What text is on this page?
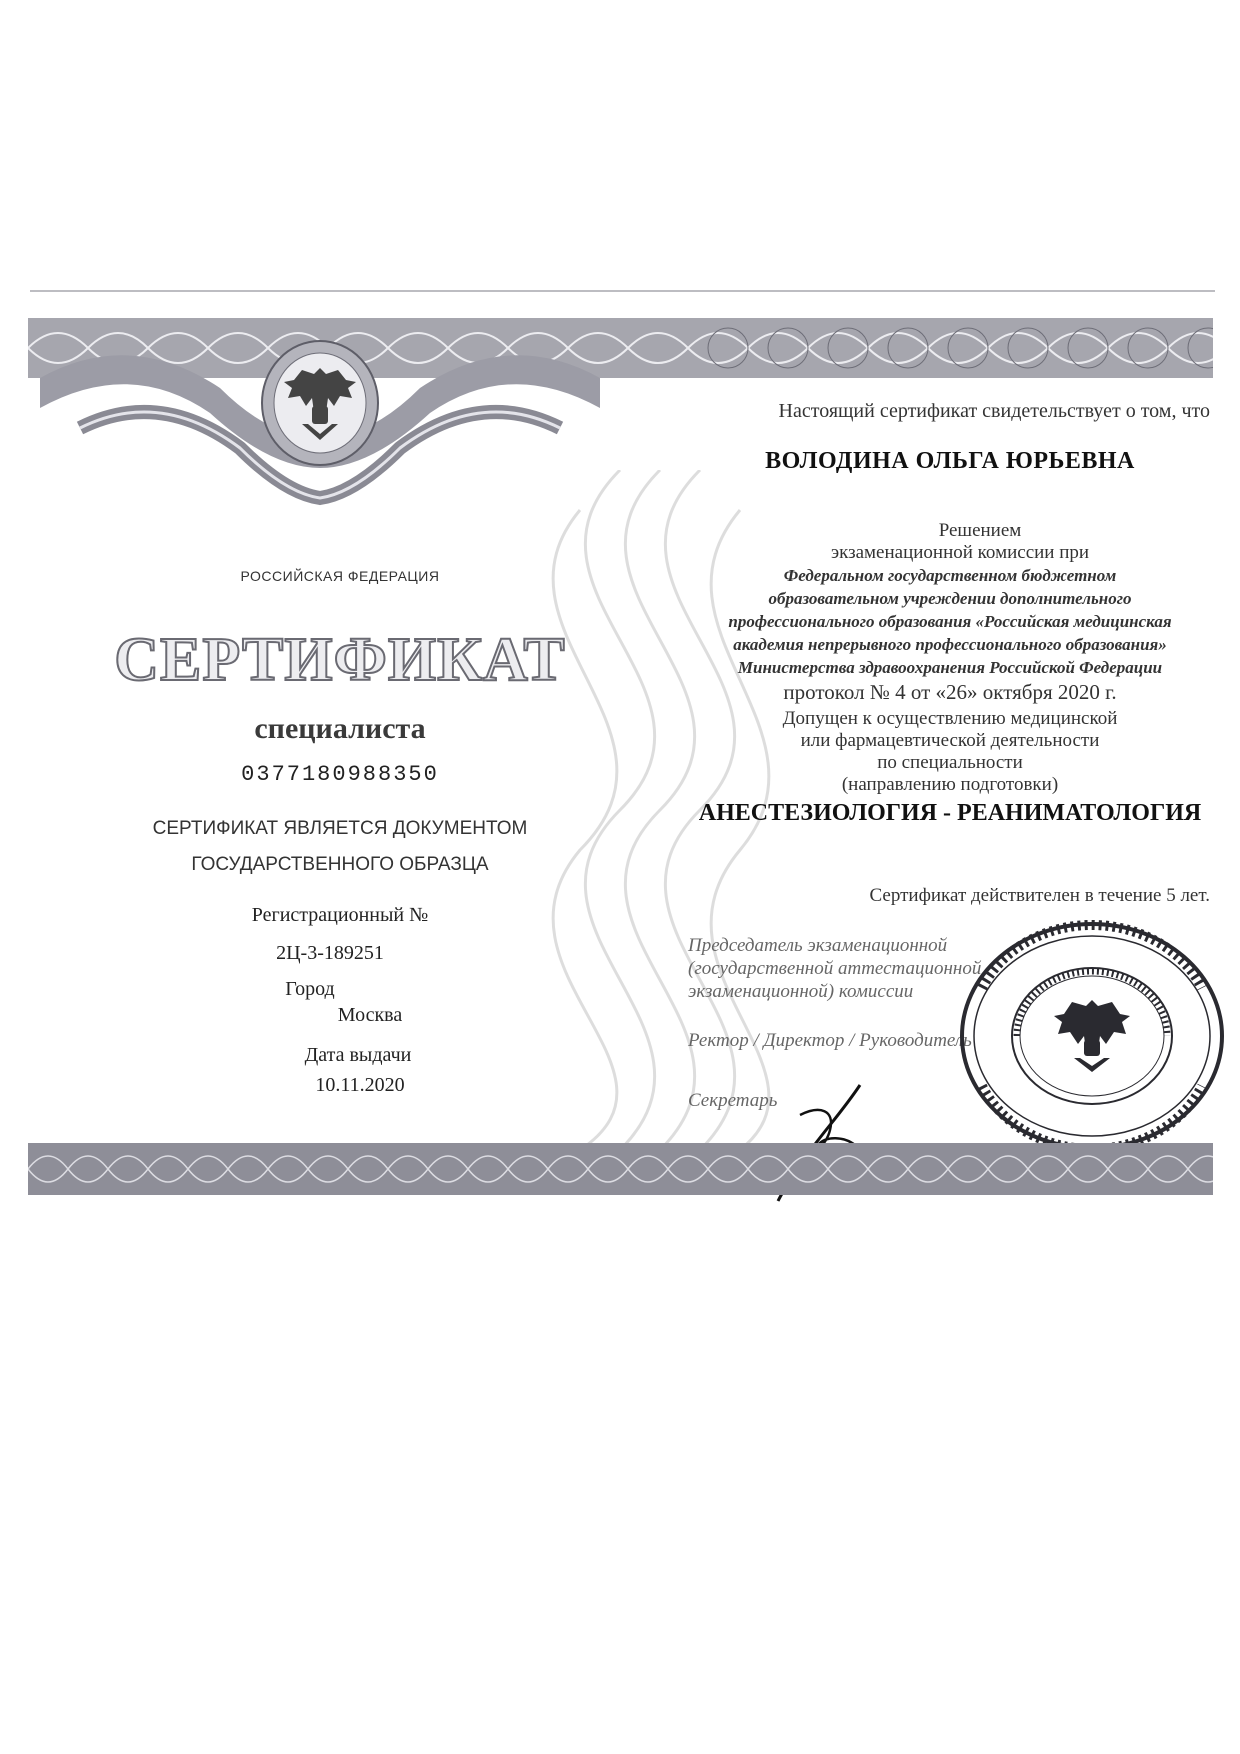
РОССИЙСКАЯ ФЕДЕРАЦИЯ
СЕРТИФИКАТ
специалиста
0377180988350
СЕРТИФИКАТ ЯВЛЯЕТСЯ ДОКУМЕНТОМ
ГОСУДАРСТВЕННОГО ОБРАЗЦА
Регистрационный №
2Ц-3-189251
Город
Москва
Дата выдачи
10.11.2020
Настоящий сертификат свидетельствует о том, что
ВОЛОДИНА ОЛЬГА ЮРЬЕВНА
Решением
экзаменационной комиссии при
Федеральном государственном бюджетном
образовательном учреждении дополнительного
профессионального образования «Российская медицинская
академия непрерывного профессионального образования»
Министерства здравоохранения Российской Федерации
протокол № 4 от «26» октября 2020 г.
Допущен к осуществлению медицинской
или фармацевтической деятельности
по специальности
(направлению подготовки)
АНЕСТЕЗИОЛОГИЯ - РЕАНИМАТОЛОГИЯ
Сертификат действителен в течение 5 лет.
Председатель экзаменационной
(государственной аттестационной
экзаменационной) комиссии
Ректор / Директор / Руководитель
Секретарь
